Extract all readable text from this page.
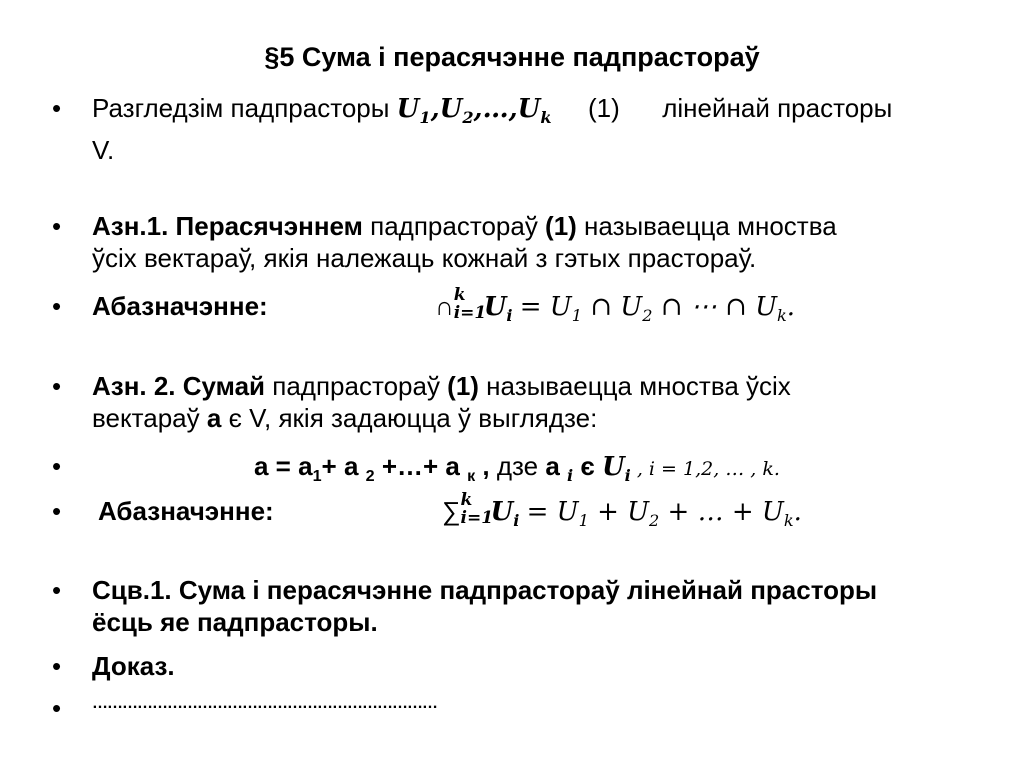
§5 Сума і перасячэнне падпрастораў
• Разгледзім падпрасторы $U_1,U_2,\dots,U_k$ (1) лінейнай прасторы
V.
• Азн.1. Перасячэннем падпрастораў (1) называецца мноства
ўсіх вектараў, якія належаць кожнай з гэтых прастораў.
• Абазначэнне:	∩ k
i=1
$U_i = U_1$ ∩ $U_2$ ∩ ⋯ ∩ $U_k$.
• Азн. 2. Сумай падпрастораў (1) называецца мноства ўсіх
вектараў a є V, якія задаюцца ў выглядзе:
•	$a = a_1+ a$ $_2$ +…+ a $_к$ , дзе a $_i$ є $U_i$ , i = 1,2, … , k.
• Абазначэнне:	∑ k
i=1
$U_i = U_1 + U_2$ + … + $U_k$.
• Сцв.1. Сума і перасячэнне падпрастораў лінейнай прасторы
ёсць яе падпрасторы.
• Доказ.
• ……………………………………………………………
